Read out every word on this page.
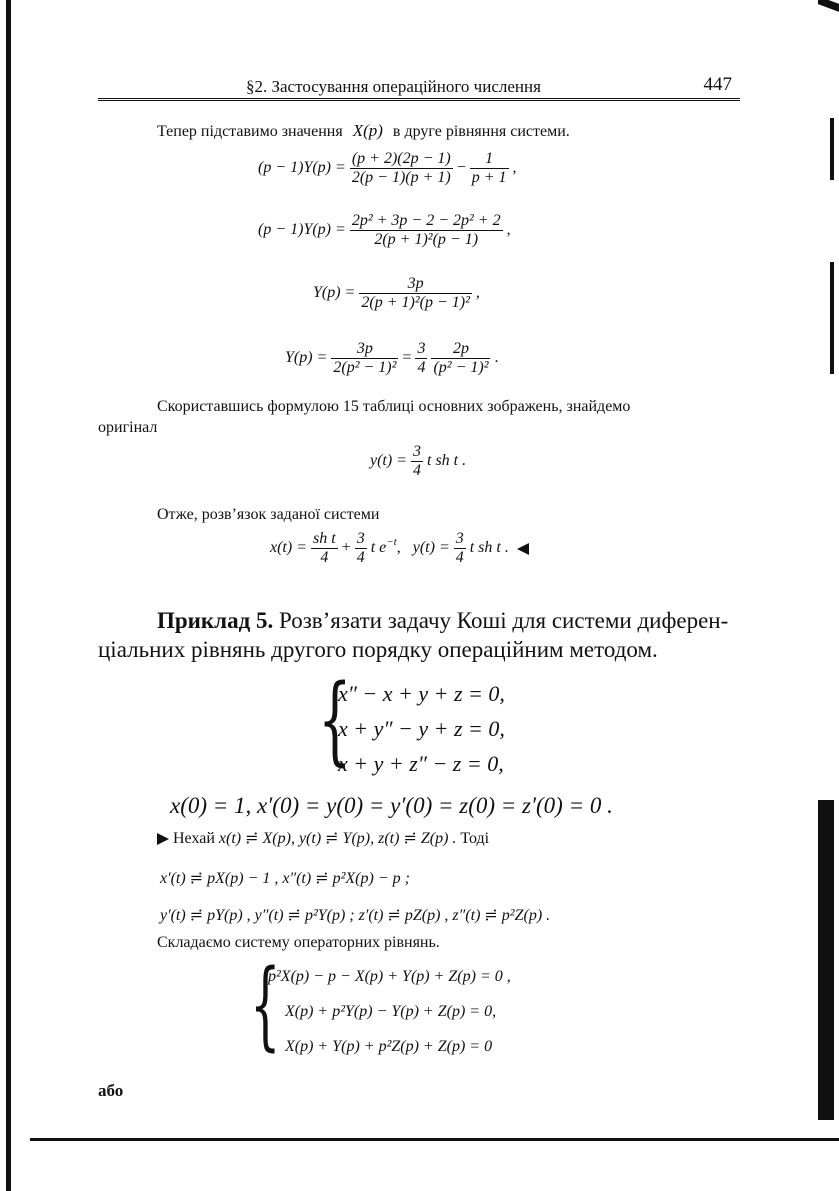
§2. Застосування операційного числення	447
Тепер підставимо значення X(p) в друге рівняння системи.
$(p - 1)Y(p) = \frac{(p + 2)(2p - 1)}{2(p - 1)(p + 1)} - \frac{1}{p + 1}$ ,
$(p - 1)Y(p) = \frac{\text{2p² + 3p − 2 − 2p² + 2}}{\text{2(p + 1)²(p − 1)}}$ ,
$Y(p) = \frac{3p}{\text{2(p + 1)²(p − 1)²}}$ ,
$Y(p) = \frac{3p}{\text{2(p² − 1)²}} = \frac{3}{4}$
$\frac{2p}{\text{(p² − 1)²}}$ .
Скориставшись формулою 15 таблиці основних зображень, знайдемо
оригінал
$y(t) = \frac{3}{4}$ t sh t .
Отже, розв’язок заданої системи
$x(t) = \frac{\text{sh t}}{4} + \frac{3}{4}$ t $e^{-t}$,   $y(t) = \frac{3}{4}$ t sh t .
Приклад 5. Розв’язати задачу Коші для системи диферен-
ціальних рівнянь другого порядку операційним методом.
{
x″ − x + y + z = 0,
x + y″ − y + z = 0,
x + y + z″ − z = 0,
x(0) = 1, x′(0) = y(0) = y′(0) = z(0) = z′(0) = 0 .
Нехай x(t) ≓ X(p), y(t) ≓ Y(p), z(t) ≓ Z(p) . Тоді
x′(t) ≓ pX(p) − 1 , x″(t) ≓ p²X(p) − p ;
y′(t) ≓ pY(p) , y″(t) ≓ p²Y(p) ; z′(t) ≓ pZ(p) , z″(t) ≓ p²Z(p) .
Складаємо систему операторних рівнянь.
{
p²X(p) − p − X(p) + Y(p) + Z(p) = 0 ,
X(p) + p²Y(p) − Y(p) + Z(p) = 0,
X(p) + Y(p) + p²Z(p) + Z(p) = 0
або
